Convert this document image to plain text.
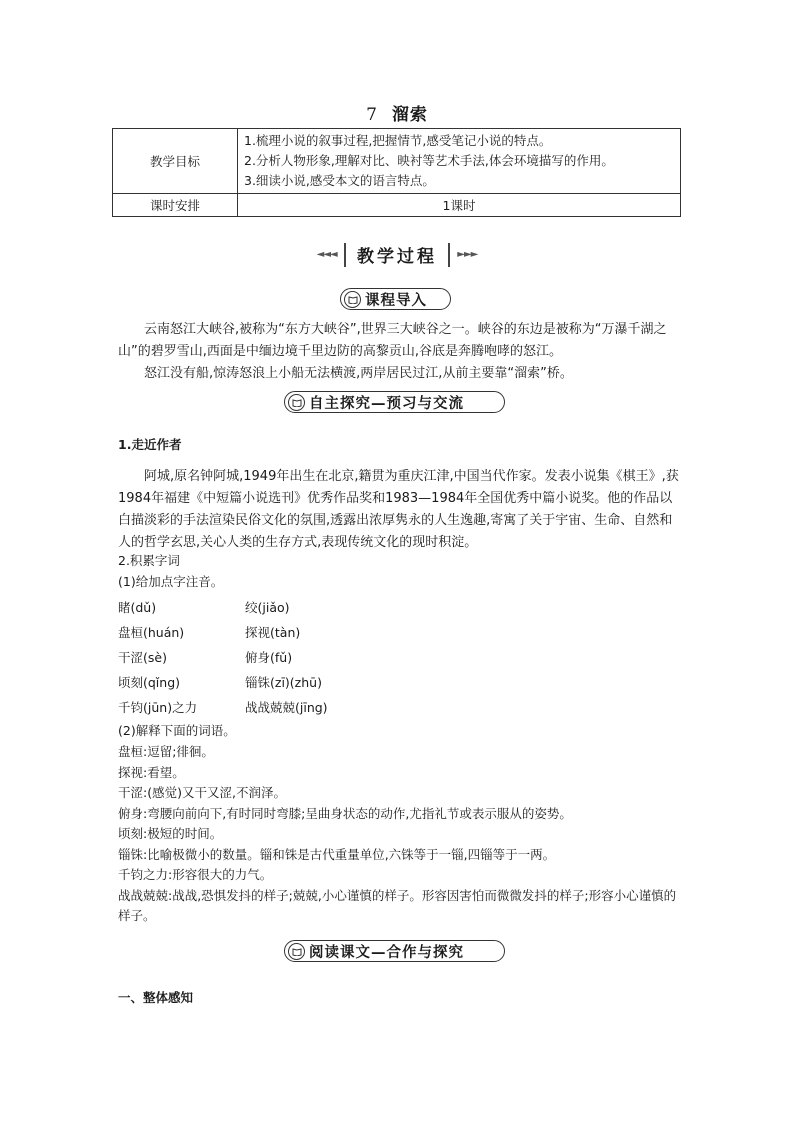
7 溜索
教学目标	1.梳理小说的叙事过程,把握情节,感受笔记小说的特点。
2.分析人物形象,理解对比、映衬等艺术手法,体会环境描写的作用。
3.细读小说,感受本文的语言特点。

课时安排	1课时
◄◄◄ 教学过程 ►►►
课程导入

云南怒江大峡谷,被称为“东方大峡谷”,世界三大峡谷之一。峡谷的东边是被称为“万瀑千湖之山”的碧罗雪山,西面是中缅边境千里边防的高黎贡山,谷底是奔腾咆哮的怒江。

怒江没有船,惊涛怒浪上小船无法横渡,两岸居民过江,从前主要靠“溜索”桥。

自主探究—预习与交流
1.走近作者

阿城,原名钟阿城,1949年出生在北京,籍贯为重庆江津,中国当代作家。发表小说集《棋王》,获1984年福建《中短篇小说选刊》优秀作品奖和1983—1984年全国优秀中篇小说奖。他的作品以白描淡彩的手法渲染民俗文化的氛围,透露出浓厚隽永的人生逸趣,寄寓了关于宇宙、生命、自然和人的哲学玄思,关心人类的生存方式,表现传统文化的现时积淀。

2.积累字词
(1)给加点字注音。
睹(dǔ)	绞(jiǎo)
盘桓(huán)	探视(tàn)
干涩(sè)	俯身(fǔ)
顷刻(qǐng)	锱铢(zī)(zhū)
千钧(jūn)之力	战战兢兢(jīng)
(2)解释下面的词语。
盘桓:逗留;徘徊。
探视:看望。
干涩:(感觉)又干又涩,不润泽。
俯身:弯腰向前向下,有时同时弯膝;呈曲身状态的动作,尤指礼节或表示服从的姿势。
顷刻:极短的时间。
锱铢:比喻极微小的数量。锱和铢是古代重量单位,六铢等于一锱,四锱等于一两。
千钧之力:形容很大的力气。
战战兢兢:战战,恐惧发抖的样子;兢兢,小心谨慎的样子。形容因害怕而微微发抖的样子;形容小心谨慎的样子。
阅读课文—合作与探究
一、整体感知
